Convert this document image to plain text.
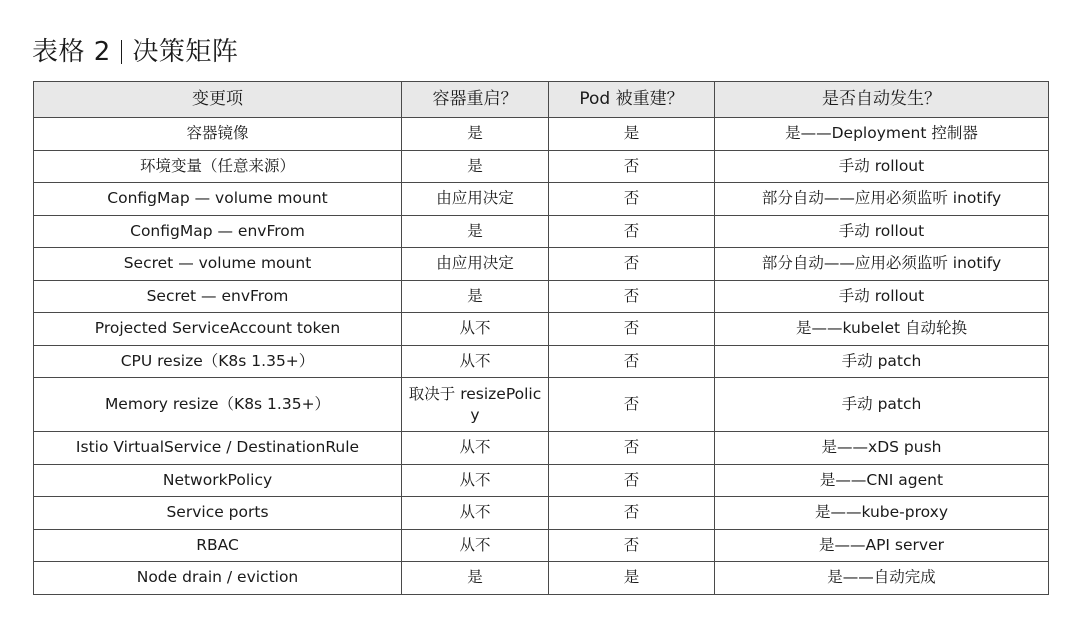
表格 2 决策矩阵
变更项	容器重启？	Pod 被重建？	是否自动发生？
容器镜像	是	是	是——Deployment 控制器
环境变量（任意来源）	是	否	手动 rollout
ConfigMap — volume mount	由应用决定	否	部分自动——应用必须监听 inotify
ConfigMap — envFrom	是	否	手动 rollout
Secret — volume mount	由应用决定	否	部分自动——应用必须监听 inotify
Secret — envFrom	是	否	手动 rollout
Projected ServiceAccount token	从不	否	是——kubelet 自动轮换
CPU resize（K8s 1.35+）	从不	否	手动 patch
Memory resize（K8s 1.35+）	取决于 resizePolicy	否	手动 patch
Istio VirtualService / DestinationRule	从不	否	是——xDS push
NetworkPolicy	从不	否	是——CNI agent
Service ports	从不	否	是——kube-proxy
RBAC	从不	否	是——API server
Node drain / eviction	是	是	是——自动完成
